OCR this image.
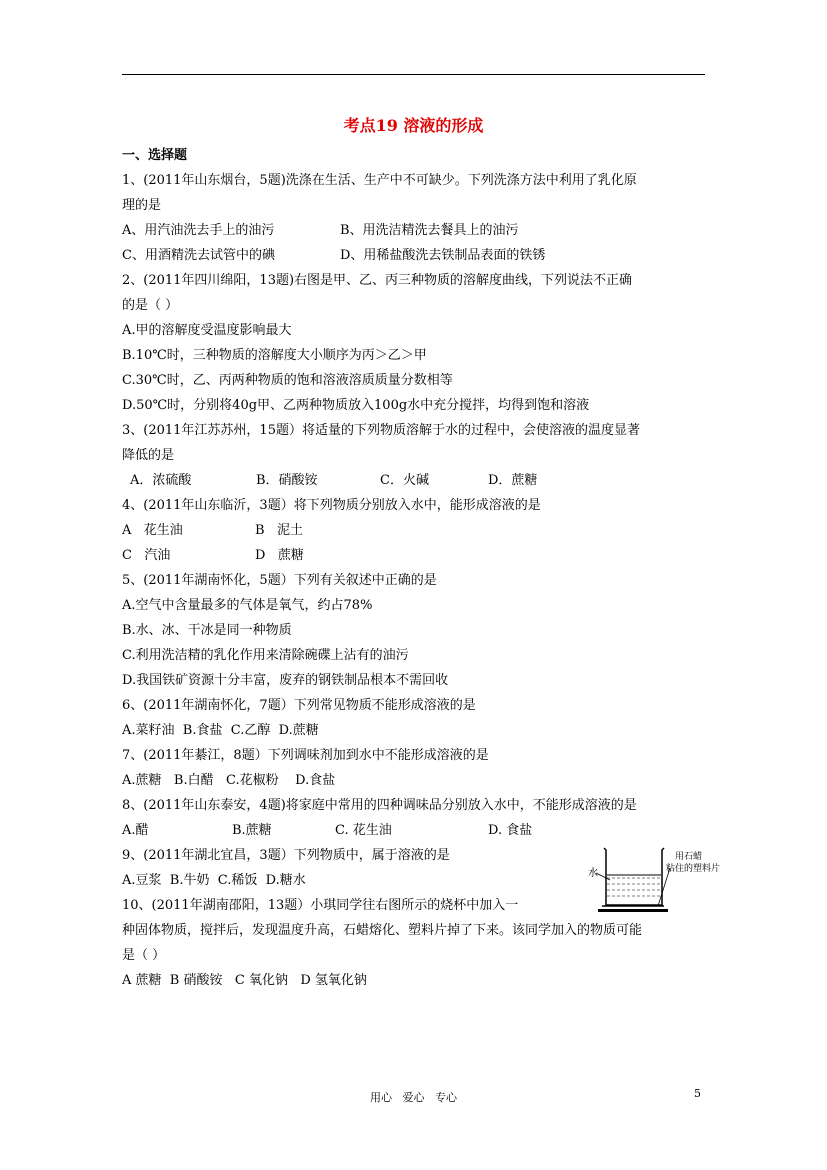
考点19 溶液的形成
一、选择题
1、(2011年山东烟台，5题)洗涤在生活、生产中不可缺少。下列洗涤方法中利用了乳化原
理的是
A、用汽油洗去手上的油污	B、用洗洁精洗去餐具上的油污
C、用酒精洗去试管中的碘	D、用稀盐酸洗去铁制品表面的铁锈
2、(2011年四川绵阳，13题)右图是甲、乙、丙三种物质的溶解度曲线，下列说法不正确
的是（ ）
A.甲的溶解度受温度影响最大
B.10℃时，三种物质的溶解度大小顺序为丙＞乙＞甲
C.30℃时，乙、丙两种物质的饱和溶液溶质质量分数相等
D.50℃时，分别将40g甲、乙两种物质放入100g水中充分搅拌，均得到饱和溶液
3、(2011年江苏苏州，15题）将适量的下列物质溶解于水的过程中，会使溶液的温度显著
降低的是
A．浓硫酸	B．硝酸铵	C．火碱	D．蔗糖
4、(2011年山东临沂，3题）将下列物质分别放入水中，能形成溶液的是
A   花生油	B   泥土
C   汽油	D   蔗糖
5、(2011年湖南怀化，5题）下列有关叙述中正确的是
A.空气中含量最多的气体是氧气，约占78%
B.水、冰、干冰是同一种物质
C.利用洗洁精的乳化作用来清除碗碟上沾有的油污
D.我国铁矿资源十分丰富，废弃的钢铁制品根本不需回收
6、(2011年湖南怀化，7题）下列常见物质不能形成溶液的是
A.菜籽油  B.食盐  C.乙醇  D.蔗糖
7、(2011年綦江，8题）下列调味剂加到水中不能形成溶液的是
A.蔗糖   B.白醋   C.花椒粉    D.食盐
8、(2011年山东泰安，4题)将家庭中常用的四种调味品分别放入水中，不能形成溶液的是
A.醋	B.蔗糖	C. 花生油	D. 食盐
9、(2011年湖北宜昌，3题）下列物质中，属于溶液的是
A.豆浆  B.牛奶  C.稀饭  D.糖水
10、(2011年湖南邵阳，13题）小琪同学往右图所示的烧杯中加入一
种固体物质，搅拌后，发现温度升高，石蜡熔化、塑料片掉了下来。该同学加入的物质可能
是（ ）
A 蔗糖  B 硝酸铵   C 氧化钠   D 氢氧化钠
水
用石蜡
粘住的塑料片
用心   爱心   专心	5
